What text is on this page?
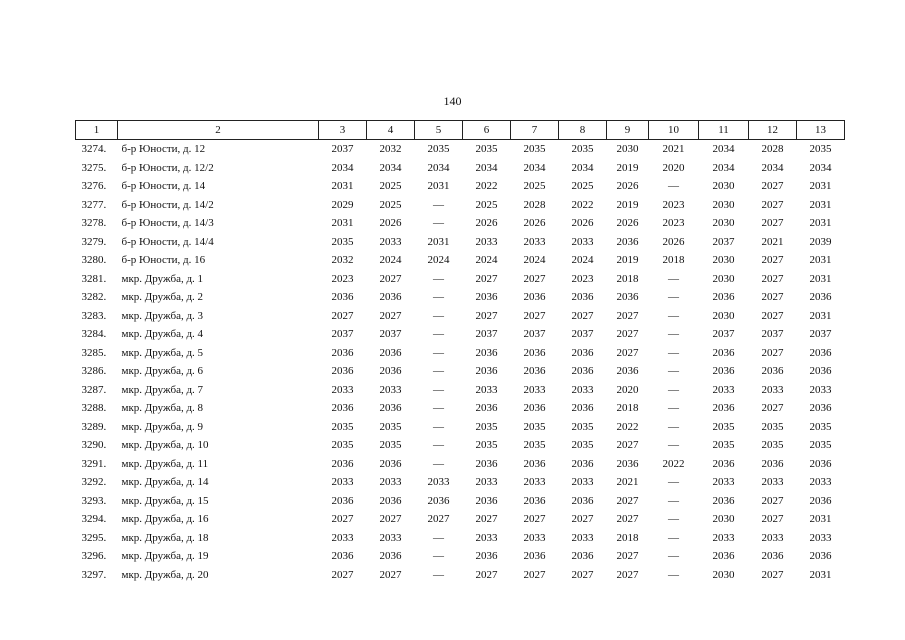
140
1	2	3	4	5	6	7	8	9	10	11	12	13
3274.	б-р Юности, д. 12	2037	2032	2035	2035	2035	2035	2030	2021	2034	2028	2035
3275.	б-р Юности, д. 12/2	2034	2034	2034	2034	2034	2034	2019	2020	2034	2034	2034
3276.	б-р Юности, д. 14	2031	2025	2031	2022	2025	2025	2026	—	2030	2027	2031
3277.	б-р Юности, д. 14/2	2029	2025	—	2025	2028	2022	2019	2023	2030	2027	2031
3278.	б-р Юности, д. 14/3	2031	2026	—	2026	2026	2026	2026	2023	2030	2027	2031
3279.	б-р Юности, д. 14/4	2035	2033	2031	2033	2033	2033	2036	2026	2037	2021	2039
3280.	б-р Юности, д. 16	2032	2024	2024	2024	2024	2024	2019	2018	2030	2027	2031
3281.	мкр. Дружба, д. 1	2023	2027	—	2027	2027	2023	2018	—	2030	2027	2031
3282.	мкр. Дружба, д. 2	2036	2036	—	2036	2036	2036	2036	—	2036	2027	2036
3283.	мкр. Дружба, д. 3	2027	2027	—	2027	2027	2027	2027	—	2030	2027	2031
3284.	мкр. Дружба, д. 4	2037	2037	—	2037	2037	2037	2027	—	2037	2037	2037
3285.	мкр. Дружба, д. 5	2036	2036	—	2036	2036	2036	2027	—	2036	2027	2036
3286.	мкр. Дружба, д. 6	2036	2036	—	2036	2036	2036	2036	—	2036	2036	2036
3287.	мкр. Дружба, д. 7	2033	2033	—	2033	2033	2033	2020	—	2033	2033	2033
3288.	мкр. Дружба, д. 8	2036	2036	—	2036	2036	2036	2018	—	2036	2027	2036
3289.	мкр. Дружба, д. 9	2035	2035	—	2035	2035	2035	2022	—	2035	2035	2035
3290.	мкр. Дружба, д. 10	2035	2035	—	2035	2035	2035	2027	—	2035	2035	2035
3291.	мкр. Дружба, д. 11	2036	2036	—	2036	2036	2036	2036	2022	2036	2036	2036
3292.	мкр. Дружба, д. 14	2033	2033	2033	2033	2033	2033	2021	—	2033	2033	2033
3293.	мкр. Дружба, д. 15	2036	2036	2036	2036	2036	2036	2027	—	2036	2027	2036
3294.	мкр. Дружба, д. 16	2027	2027	2027	2027	2027	2027	2027	—	2030	2027	2031
3295.	мкр. Дружба, д. 18	2033	2033	—	2033	2033	2033	2018	—	2033	2033	2033
3296.	мкр. Дружба, д. 19	2036	2036	—	2036	2036	2036	2027	—	2036	2036	2036
3297.	мкр. Дружба, д. 20	2027	2027	—	2027	2027	2027	2027	—	2030	2027	2031
